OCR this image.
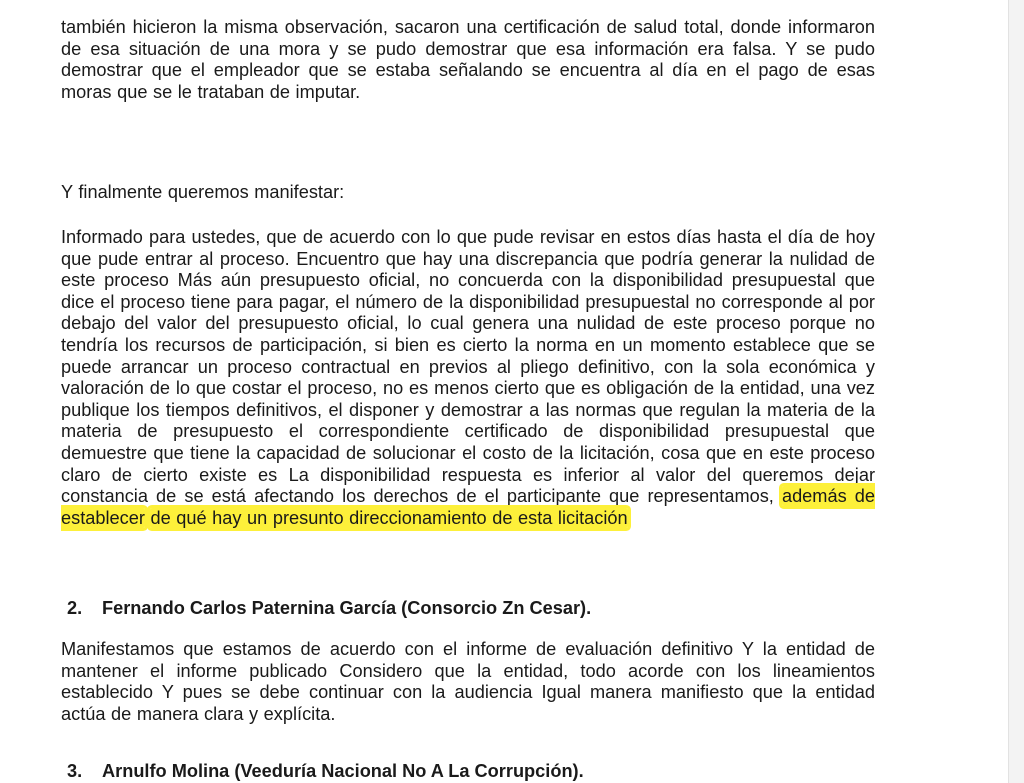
también hicieron la misma observación, sacaron una certificación de salud total, donde informaron de esa situación de una mora y se pudo demostrar que esa información era falsa. Y se pudo demostrar que el empleador que se estaba señalando se encuentra al día en el pago de esas moras que se le trataban de imputar.

Y finalmente queremos manifestar:

Informado para ustedes, que de acuerdo con lo que pude revisar en estos días hasta el día de hoy que pude entrar al proceso. Encuentro que hay una discrepancia que podría generar la nulidad de este proceso Más aún presupuesto oficial, no concuerda con la disponibilidad presupuestal que dice el proceso tiene para pagar, el número de la disponibilidad presupuestal no corresponde al por debajo del valor del presupuesto oficial, lo cual genera una nulidad de este proceso porque no tendría los recursos de participación, si bien es cierto la norma en un momento establece que se puede arrancar un proceso contractual en previos al pliego definitivo, con la sola económica y valoración de lo que costar el proceso, no es menos cierto que es obligación de la entidad, una vez publique los tiempos definitivos, el disponer y demostrar a las normas que regulan la materia de la materia de presupuesto el correspondiente certificado de disponibilidad presupuestal que demuestre que tiene la capacidad de solucionar el costo de la licitación, cosa que en este proceso claro de cierto existe es La disponibilidad respuesta es inferior al valor del queremos dejar constancia de se está afectando los derechos de el participante que representamos, además de establecer de qué hay un presunto direccionamiento de esta licitación

2. Fernando Carlos Paternina García (Consorcio Zn Cesar).

Manifestamos que estamos de acuerdo con el informe de evaluación definitivo Y la entidad de mantener el informe publicado Considero que la entidad, todo acorde con los lineamientos establecido Y pues se debe continuar con la audiencia Igual manera manifiesto que la entidad actúa de manera clara y explícita.

3. Arnulfo Molina (Veeduría Nacional No A La Corrupción).
